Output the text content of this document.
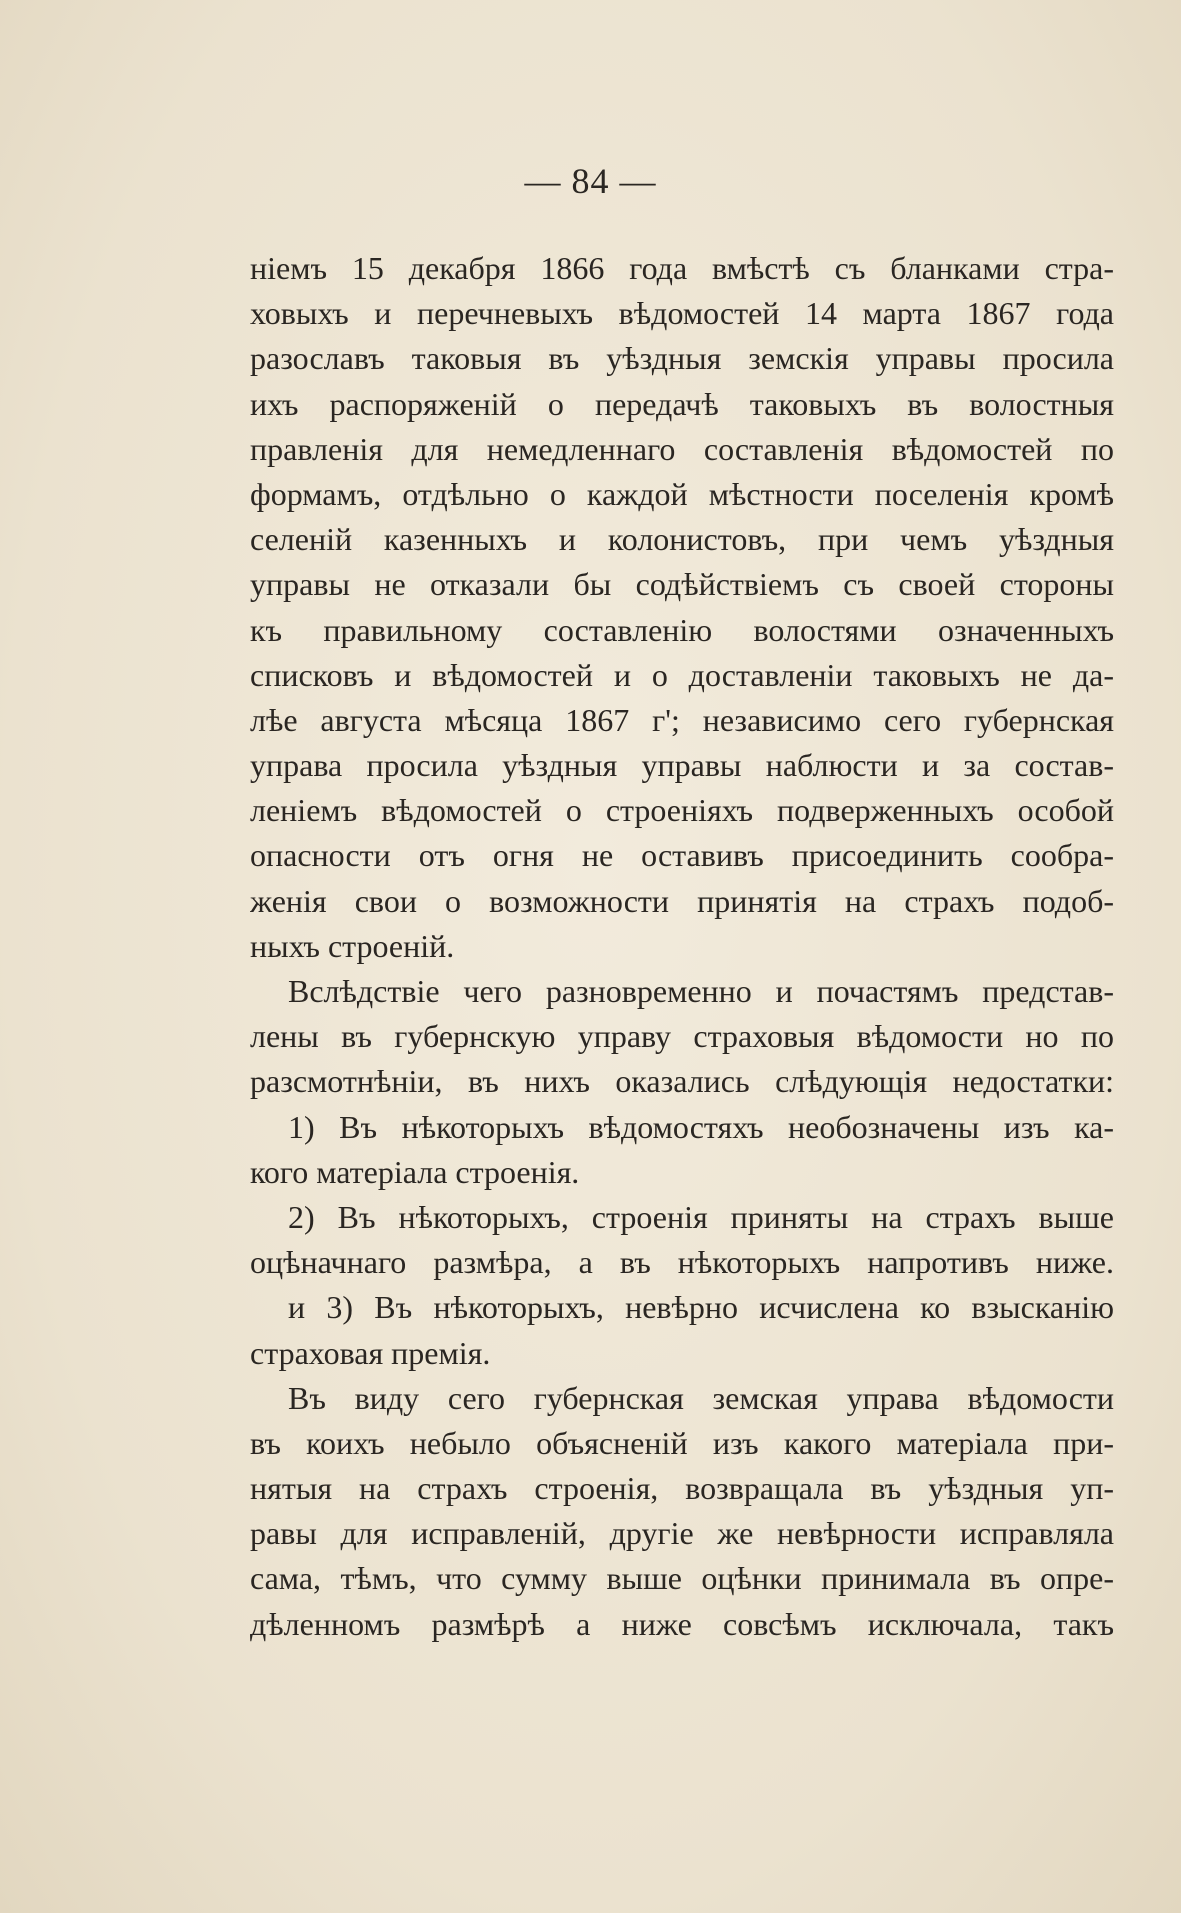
— 84 —
ніемъ 15 декабря 1866 года вмѣстѣ съ бланками стра-
ховыхъ и перечневыхъ вѣдомостей 14 марта 1867 года
разославъ таковыя въ уѣздныя земскія управы просила
ихъ распоряженій о передачѣ таковыхъ въ волостныя
правленія для немедленнаго составленія вѣдомостей по
формамъ, отдѣльно о каждой мѣстности поселенія кромѣ
селеній казенныхъ и колонистовъ, при чемъ уѣздныя
управы не отказали бы содѣйствіемъ съ своей стороны
къ правильному составленію волостями означенныхъ
списковъ и вѣдомостей и о доставленіи таковыхъ не да-
лѣе августа мѣсяца 1867 г'; независимо сего губернская
управа просила уѣздныя управы наблюсти и за состав-
леніемъ вѣдомостей о строеніяхъ подверженныхъ особой
опасности отъ огня не оставивъ присоединить сообра-
женія свои о возможности принятія на страхъ подоб-
ныхъ строеній.
Вслѣдствіе чего разновременно и почастямъ представ-
лены въ губернскую управу страховыя вѣдомости но по
разсмотнѣніи, въ нихъ оказались слѣдующія недостатки:
1) Въ нѣкоторыхъ вѣдомостяхъ необозначены изъ ка-
кого матеріала строенія.
2) Въ нѣкоторыхъ, строенія приняты на страхъ выше
оцѣначнаго размѣра, а въ нѣкоторыхъ напротивъ ниже.
и 3) Въ нѣкоторыхъ, невѣрно исчислена ко взысканію
страховая премія.
Въ виду сего губернская земская управа вѣдомости
въ коихъ небыло объясненій изъ какого матеріала при-
нятыя на страхъ строенія, возвращала въ уѣздныя уп-
равы для исправленій, другіе же невѣрности исправляла
сама, тѣмъ, что сумму выше оцѣнки принимала въ опре-
дѣленномъ размѣрѣ а ниже совсѣмъ исключала, такъ
